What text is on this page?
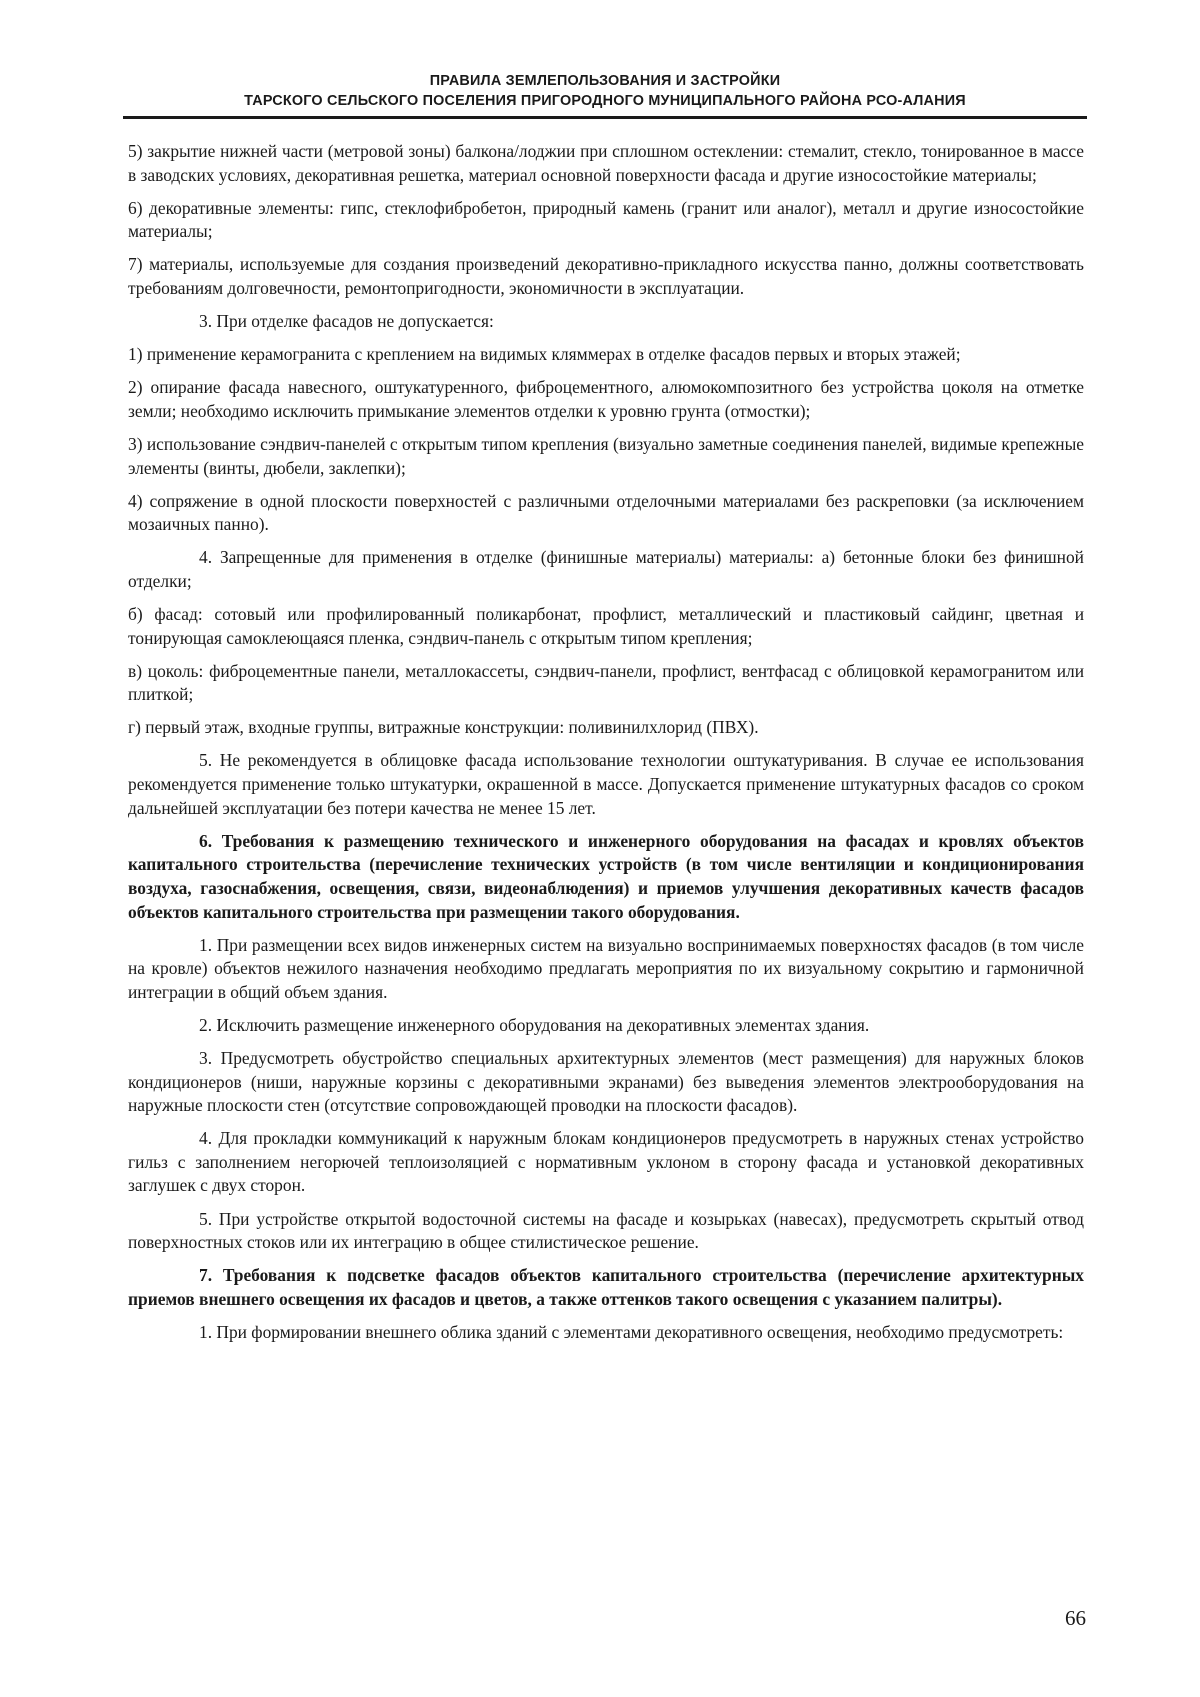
ПРАВИЛА ЗЕМЛЕПОЛЬЗОВАНИЯ И ЗАСТРОЙКИ
ТАРСКОГО СЕЛЬСКОГО ПОСЕЛЕНИЯ ПРИГОРОДНОГО МУНИЦИПАЛЬНОГО РАЙОНА РСО-АЛАНИЯ

5) закрытие нижней части (метровой зоны) балкона/лоджии при сплошном остеклении: стемалит, стекло, тонированное в массе в заводских условиях, декоративная решетка, материал основной поверхности фасада и другие износостойкие материалы;

6) декоративные элементы: гипс, стеклофибробетон, природный камень (гранит или аналог), металл и другие износостойкие материалы;

7) материалы, используемые для создания произведений декоративно-прикладного искусства панно, должны соответствовать требованиям долговечности, ремонтопригодности, экономичности в эксплуатации.

3. При отделке фасадов не допускается:

1) применение керамогранита с креплением на видимых кляммерах в отделке фасадов первых и вторых этажей;

2) опирание фасада навесного, оштукатуренного, фиброцементного, алюмокомпозитного без устройства цоколя на отметке земли; необходимо исключить примыкание элементов отделки к уровню грунта (отмостки);

3) использование сэндвич-панелей с открытым типом крепления (визуально заметные соединения панелей, видимые крепежные элементы (винты, дюбели, заклепки);

4) сопряжение в одной плоскости поверхностей с различными отделочными материалами без раскреповки (за исключением мозаичных панно).

4. Запрещенные для применения в отделке (финишные материалы) материалы: а) бетонные блоки без финишной отделки;

б) фасад: сотовый или профилированный поликарбонат, профлист, металлический и пластиковый сайдинг, цветная и тонирующая самоклеющаяся пленка, сэндвич-панель с открытым типом крепления;

в) цоколь: фиброцементные панели, металлокассеты, сэндвич-панели, профлист, вентфасад с облицовкой керамогранитом или плиткой;

г) первый этаж, входные группы, витражные конструкции: поливинилхлорид (ПВХ).

5. Не рекомендуется в облицовке фасада использование технологии оштукатуривания. В случае ее использования рекомендуется применение только штукатурки, окрашенной в массе. Допускается применение штукатурных фасадов со сроком дальнейшей эксплуатации без потери качества не менее 15 лет.

6. Требования к размещению технического и инженерного оборудования на фасадах и кровлях объектов капитального строительства (перечисление технических устройств (в том числе вентиляции и кондиционирования воздуха, газоснабжения, освещения, связи, видеонаблюдения) и приемов улучшения декоративных качеств фасадов объектов капитального строительства при размещении такого оборудования.

1. При размещении всех видов инженерных систем на визуально воспринимаемых поверхностях фасадов (в том числе на кровле) объектов нежилого назначения необходимо предлагать мероприятия по их визуальному сокрытию и гармоничной интеграции в общий объем здания.

2. Исключить размещение инженерного оборудования на декоративных элементах здания.

3. Предусмотреть обустройство специальных архитектурных элементов (мест размещения) для наружных блоков кондиционеров (ниши, наружные корзины с декоративными экранами) без выведения элементов электрооборудования на наружные плоскости стен (отсутствие сопровождающей проводки на плоскости фасадов).

4. Для прокладки коммуникаций к наружным блокам кондиционеров предусмотреть в наружных стенах устройство гильз с заполнением негорючей теплоизоляцией с нормативным уклоном в сторону фасада и установкой декоративных заглушек с двух сторон.

5. При устройстве открытой водосточной системы на фасаде и козырьках (навесах), предусмотреть скрытый отвод поверхностных стоков или их интеграцию в общее стилистическое решение.

7. Требования к подсветке фасадов объектов капитального строительства (перечисление архитектурных приемов внешнего освещения их фасадов и цветов, а также оттенков такого освещения с указанием палитры).

1. При формировании внешнего облика зданий с элементами декоративного освещения, необходимо предусмотреть:

66
